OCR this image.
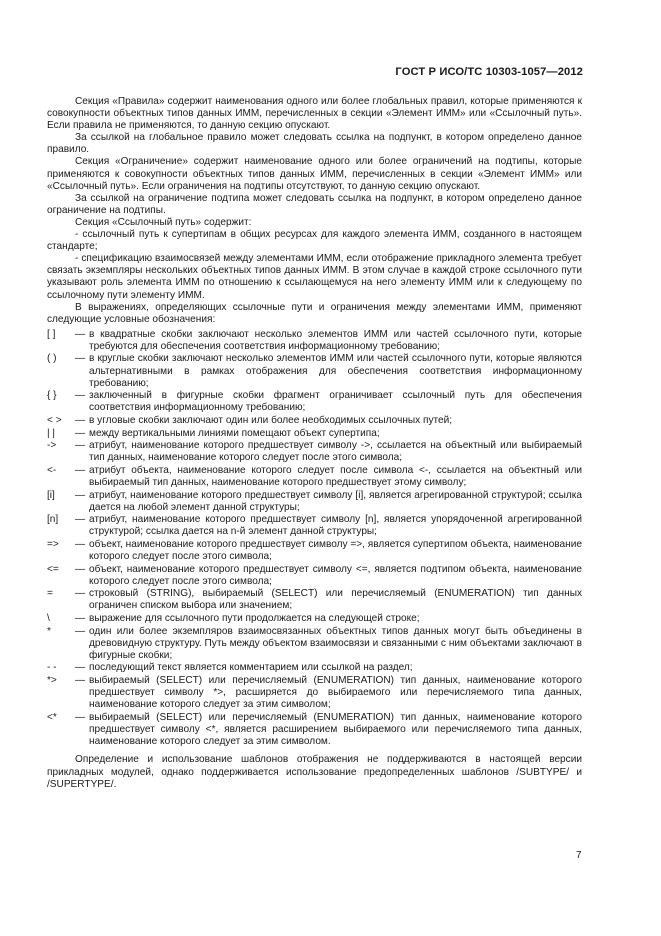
ГОСТ Р ИСО/ТС 10303-1057—2012

Секция «Правила» содержит наименования одного или более глобальных правил, которые применяются к совокупности объектных типов данных ИММ, перечисленных в секции «Элемент ИММ» или «Ссылочный путь». Если правила не применяются, то данную секцию опускают.

За ссылкой на глобальное правило может следовать ссылка на подпункт, в котором определено данное правило.

Секция «Ограничение» содержит наименование одного или более ограничений на подтипы, которые применяются к совокупности объектных типов данных ИММ, перечисленных в секции «Элемент ИММ» или «Ссылочный путь». Если ограничения на подтипы отсутствуют, то данную секцию опускают.

За ссылкой на ограничение подтипа может следовать ссылка на подпункт, в котором определено данное ограничение на подтипы.

Секция «Ссылочный путь» содержит:

- ссылочный путь к супертипам в общих ресурсах для каждого элемента ИММ, созданного в настоящем стандарте;

- спецификацию взаимосвязей между элементами ИММ, если отображение прикладного элемента требует связать экземпляры нескольких объектных типов данных ИММ. В этом случае в каждой строке ссылочного пути указывают роль элемента ИММ по отношению к ссылающемуся на него элементу ИММ или к следующему по ссылочному пути элементу ИММ.

В выражениях, определяющих ссылочные пути и ограничения между элементами ИММ, применяют следующие условные обозначения:

[ ]	— в квадратные скобки заключают несколько элементов ИММ или частей ссылочного пути, которые требуются для обеспечения соответствия информационному требованию;
( )	— в круглые скобки заключают несколько элементов ИММ или частей ссылочного пути, которые являются альтернативными в рамках отображения для обеспечения соответствия информационному требованию;
{ }	— заключенный в фигурные скобки фрагмент ограничивает ссылочный путь для обеспечения соответствия информационному требованию;
< >	— в угловые скобки заключают один или более необходимых ссылочных путей;
| |	— между вертикальными линиями помещают объект супертипа;
->	— атрибут, наименование которого предшествует символу ->, ссылается на объектный или выбираемый тип данных, наименование которого следует после этого символа;
<-	— атрибут объекта, наименование которого следует после символа <-, ссылается на объектный или выбираемый тип данных, наименование которого предшествует этому символу;
[i]	— атрибут, наименование которого предшествует символу [i], является агрегированной структурой; ссылка дается на любой элемент данной структуры;
[n]	— атрибут, наименование которого предшествует символу [n], является упорядоченной агрегированной структурой; ссылка дается на n-й элемент данной структуры;
=>	— объект, наименование которого предшествует символу =>, является супертипом объекта, наименование которого следует после этого символа;
<=	— объект, наименование которого предшествует символу <=, является подтипом объекта, наименование которого следует после этого символа;
=	— строковый (STRING), выбираемый (SELECT) или перечисляемый (ENUMERATION) тип данных ограничен списком выбора или значением;
\	— выражение для ссылочного пути продолжается на следующей строке;
*	— один или более экземпляров взаимосвязанных объектных типов данных могут быть объединены в древовидную структуру. Путь между объектом взаимосвязи и связанными с ним объектами заключают в фигурные скобки;
- -	— последующий текст является комментарием или ссылкой на раздел;
*>	— выбираемый (SELECT) или перечисляемый (ENUMERATION) тип данных, наименование которого предшествует символу *>, расширяется до выбираемого или перечисляемого типа данных, наименование которого следует за этим символом;
<*	— выбираемый (SELECT) или перечисляемый (ENUMERATION) тип данных, наименование которого предшествует символу <*, является расширением выбираемого или перечисляемого типа данных, наименование которого следует за этим символом.

Определение и использование шаблонов отображения не поддерживаются в настоящей версии прикладных модулей, однако поддерживается использование предопределенных шаблонов /SUBTYPE/ и /SUPERTYPE/.

7
